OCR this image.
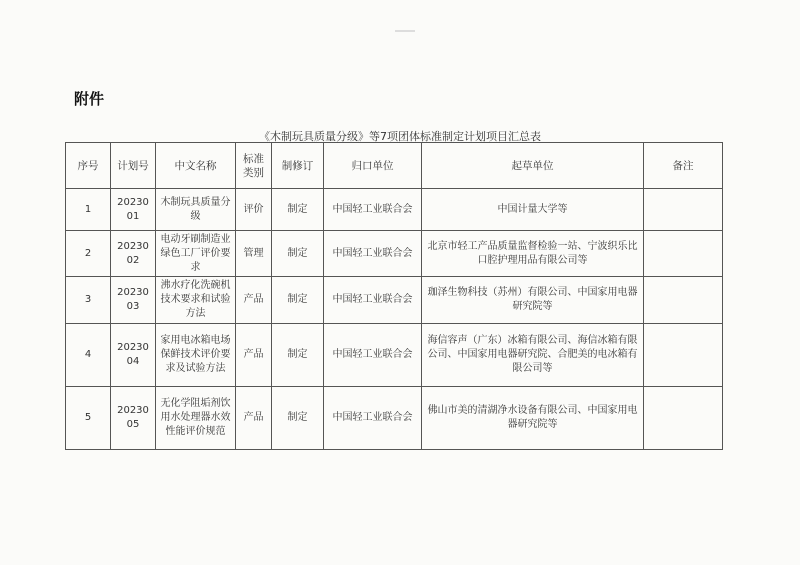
附件
《木制玩具质量分级》等7项团体标准制定计划项目汇总表
序号	计划号	中文名称	标准类别	制修订	归口单位	起草单位	备注
1	2023001	木制玩具质量分级	评价	制定	中国轻工业联合会	中国计量大学等	
2	2023002	电动牙刷制造业绿色工厂评价要求	管理	制定	中国轻工业联合会	北京市轻工产品质量监督检验一站、宁波织乐比口腔护理用品有限公司等	
3	2023003	沸水疗化洗碗机技术要求和试验方法	产品	制定	中国轻工业联合会	珈泽生物科技（苏州）有限公司、中国家用电器研究院等	
4	2023004	家用电冰箱电场保鲜技术评价要求及试验方法	产品	制定	中国轻工业联合会	海信容声（广东）冰箱有限公司、海信冰箱有限公司、中国家用电器研究院、合肥美的电冰箱有限公司等	
5	2023005	无化学阻垢剂饮用水处理器水效性能评价规范	产品	制定	中国轻工业联合会	佛山市美的清湖净水设备有限公司、中国家用电器研究院等	
